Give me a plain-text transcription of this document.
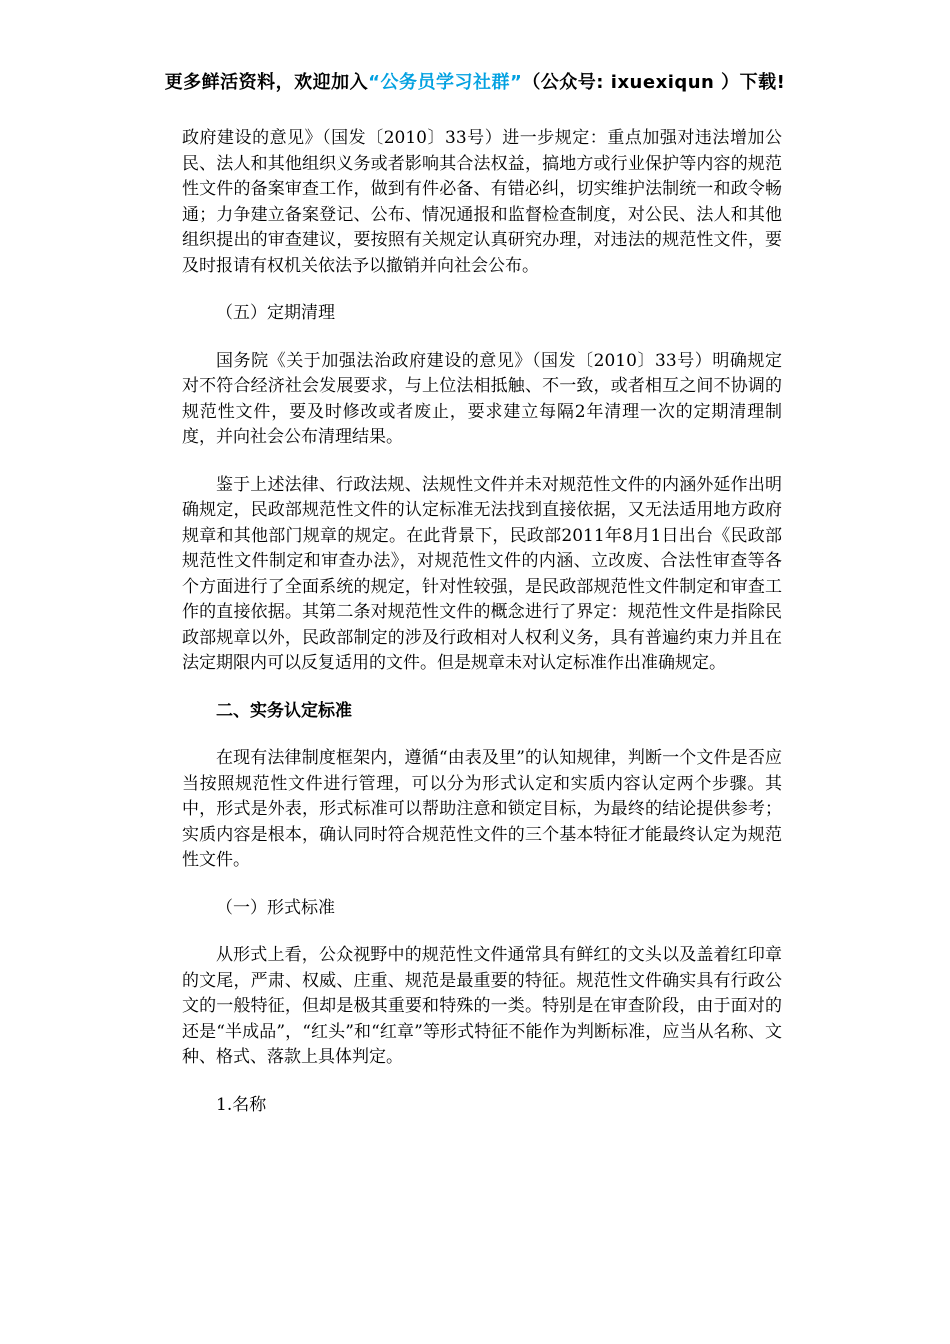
更多鲜活资料，欢迎加入“公务员学习社群”（公众号: ixuexiqun ）下载!

政府建设的意见》（国发〔2010〕33号）进一步规定：重点加强对违法增加公民、法人和其他组织义务或者影响其合法权益，搞地方或行业保护等内容的规范性文件的备案审查工作，做到有件必备、有错必纠，切实维护法制统一和政令畅通；力争建立备案登记、公布、情况通报和监督检查制度，对公民、法人和其他组织提出的审查建议，要按照有关规定认真研究办理，对违法的规范性文件，要及时报请有权机关依法予以撤销并向社会公布。

（五）定期清理

国务院《关于加强法治政府建设的意见》（国发〔2010〕33号）明确规定对不符合经济社会发展要求，与上位法相抵触、不一致，或者相互之间不协调的规范性文件，要及时修改或者废止，要求建立每隔2年清理一次的定期清理制度，并向社会公布清理结果。

鉴于上述法律、行政法规、法规性文件并未对规范性文件的内涵外延作出明确规定，民政部规范性文件的认定标准无法找到直接依据，又无法适用地方政府规章和其他部门规章的规定。在此背景下，民政部2011年8月1日出台《民政部规范性文件制定和审查办法》，对规范性文件的内涵、立改废、合法性审查等各个方面进行了全面系统的规定，针对性较强，是民政部规范性文件制定和审查工作的直接依据。其第二条对规范性文件的概念进行了界定：规范性文件是指除民政部规章以外，民政部制定的涉及行政相对人权利义务，具有普遍约束力并且在法定期限内可以反复适用的文件。但是规章未对认定标准作出准确规定。

二、实务认定标准

在现有法律制度框架内，遵循“由表及里”的认知规律，判断一个文件是否应当按照规范性文件进行管理，可以分为形式认定和实质内容认定两个步骤。其中，形式是外表，形式标准可以帮助注意和锁定目标，为最终的结论提供参考；实质内容是根本，确认同时符合规范性文件的三个基本特征才能最终认定为规范性文件。

（一）形式标准

从形式上看，公众视野中的规范性文件通常具有鲜红的文头以及盖着红印章的文尾，严肃、权威、庄重、规范是最重要的特征。规范性文件确实具有行政公文的一般特征，但却是极其重要和特殊的一类。特别是在审查阶段，由于面对的还是“半成品”，“红头”和“红章”等形式特征不能作为判断标准，应当从名称、文种、格式、落款上具体判定。

1.名称
